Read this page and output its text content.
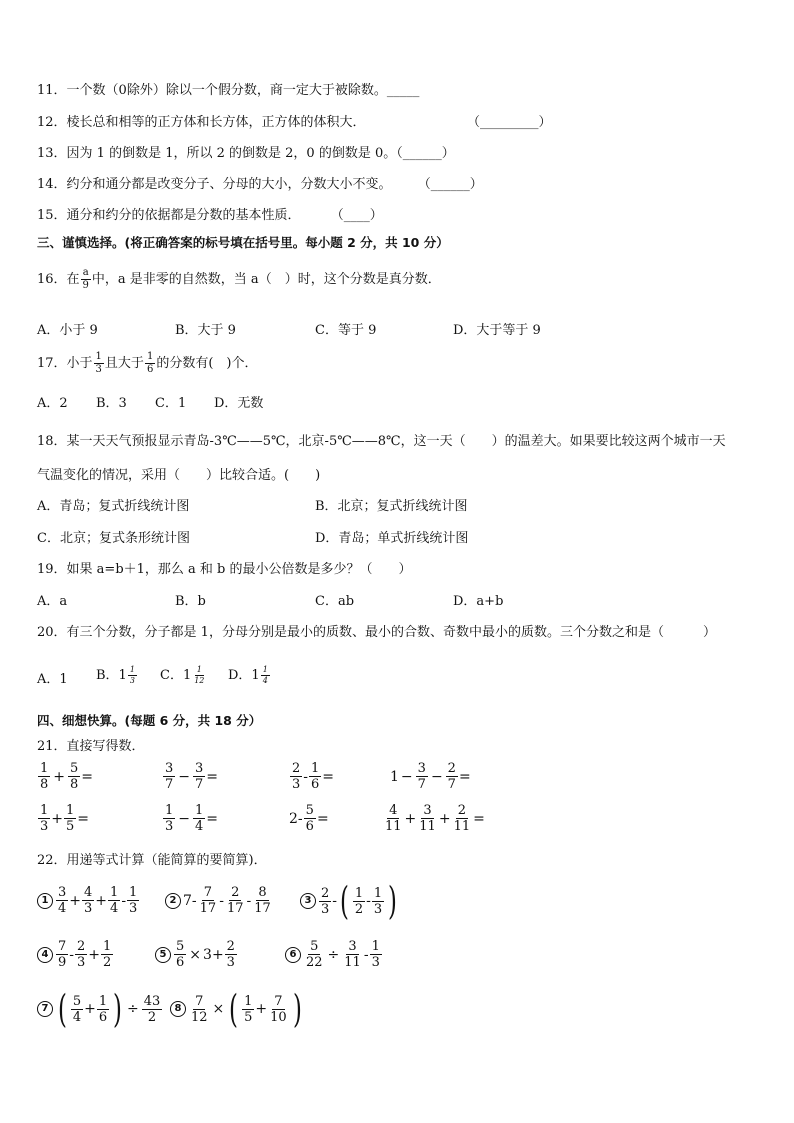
11．一个数（0除外）除以一个假分数，商一定大于被除数。_____
12．棱长总和相等的正方体和长方体，正方体的体积大．	（_________）
13．因为 1 的倒数是 1，所以 2 的倒数是 2，0 的倒数是 0。（______）
14．约分和通分都是改变分子、分母的大小，分数大小不变。 （______）
15．通分和约分的依据都是分数的基本性质． （____）
三、谨慎选择。(将正确答案的标号填在括号里。每小题 2 分，共 10 分）
16．在 $\frac{a}{9}$ 中，a 是非零的自然数，当 a（　）时，这个分数是真分数．
A．小于 9	B．大于 9	C．等于 9	D．大于等于 9
17．小于 $\frac{1}{3}$ 且大于 $\frac{1}{6}$ 的分数有(　)个．
A．2 B．3 C．1 D．无数
18．某一天天气预报显示青岛-3℃——5℃，北京-5℃——8℃，这一天（　　）的温差大。如果要比较这两个城市一天
气温变化的情况，采用（　　）比较合适。(　　)
A．青岛；复式折线统计图	B．北京；复式折线统计图
C．北京；复式条形统计图	D．青岛；单式折线统计图
19．如果 a=b＋1，那么 a 和 b 的最小公倍数是多少？（　　）
A．a	B．b	C．ab	D．a+b
20．有三个分数，分子都是 1，分母分别是最小的质数、最小的合数、奇数中最小的质数。三个分数之和是（　　　）
A．1 B．$1 \frac{1}{3}$ C．$1 \frac{1}{12}$ D．$1 \frac{1}{4}$
四、细想快算。(每题 6 分，共 18 分）
21．直接写得数．
$\frac{1}{8} + \frac{5}{8}$ =	$\frac{3}{7} - \frac{3}{7}$ =	$\frac{2}{3} - \frac{1}{6}$ =	$1 - \frac{3}{7} - \frac{2}{7}$ =
$\frac{1}{3} + \frac{1}{5}$ =	$\frac{1}{3} - \frac{1}{4}$ =	$2 - \frac{5}{6}$ =	$\frac{4}{11} + \frac{3}{11} + \frac{2}{11}$ =
22．用递等式计算（能简算的要简算)．
$1 \frac{3}{4} + \frac{4}{3} + \frac{1}{4} - \frac{1}{3}$	2 $7 - \frac{7}{17} - \frac{2}{17} - \frac{8}{17}$	$3 \frac{2}{3}$ - ( $\frac{1}{2} - \frac{1}{3}$ )
$4 \frac{7}{9} - \frac{2}{3} + \frac{1}{2}$	$5 \frac{5}{6} \times 3 + \frac{2}{3}$	$6 \frac{5}{22} \div \frac{3}{11} - \frac{1}{3}$
7 ( $\frac{5}{4} + \frac{1}{6}$ ) ÷ $\frac{43}{2}$	$8 \frac{7}{12}$ × ( $\frac{1}{5} + \frac{7}{10}$ )
